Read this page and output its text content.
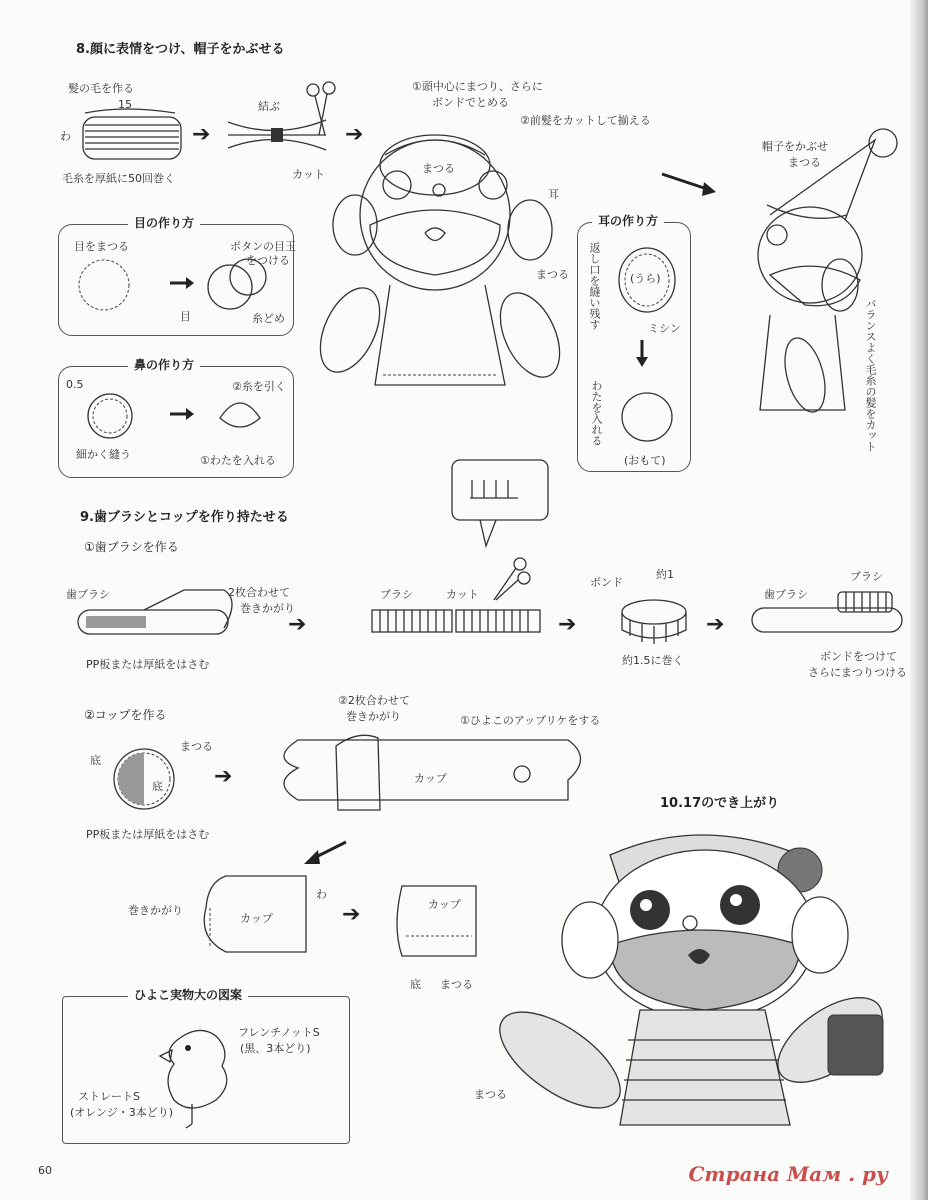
8.顔に表情をつけ、帽子をかぶせる
髪の毛を作る
15
わ
毛糸を厚紙に50回巻く
➔
結ぶ
カット
➔
①頭中心にまつり、さらに
ボンドでとめる
②前髪をカットして揃える
まつる
耳
まつる
帽子をかぶせ
まつる
バランスよく毛糸の髪をカット
目の作り方
目をまつる	ボタンの目玉
をつける
目	糸どめ
鼻の作り方
0.5
細かく縫う
②糸を引く
①わたを入れる
耳の作り方
返し口を縫い残す	ミシン
わたを入れる
(おもて)
(うら)
9.歯ブラシとコップを作り持たせる
①歯ブラシを作る
歯ブラシ	2枚合わせて
巻きかがり
PP板または厚紙をはさむ
➔
ブラシ	カット
➔
ボンド
約1
約1.5に巻く
➔
歯ブラシ
ブラシ
ボンドをつけて
さらにまつりつける
②コップを作る
底
まつる
底
PP板または厚紙をはさむ
➔
②2枚合わせて
巻きかがり	①ひよこのアップリケをする
カップ
巻きかがり
カップ
わ
➔	カップ
底 まつる
ひよこ実物大の図案
フレンチノットS
(黒、3本どり)
ストレートS
(オレンジ・3本どり)
10.17のでき上がり
まつる
60	Страна Мам . ру
